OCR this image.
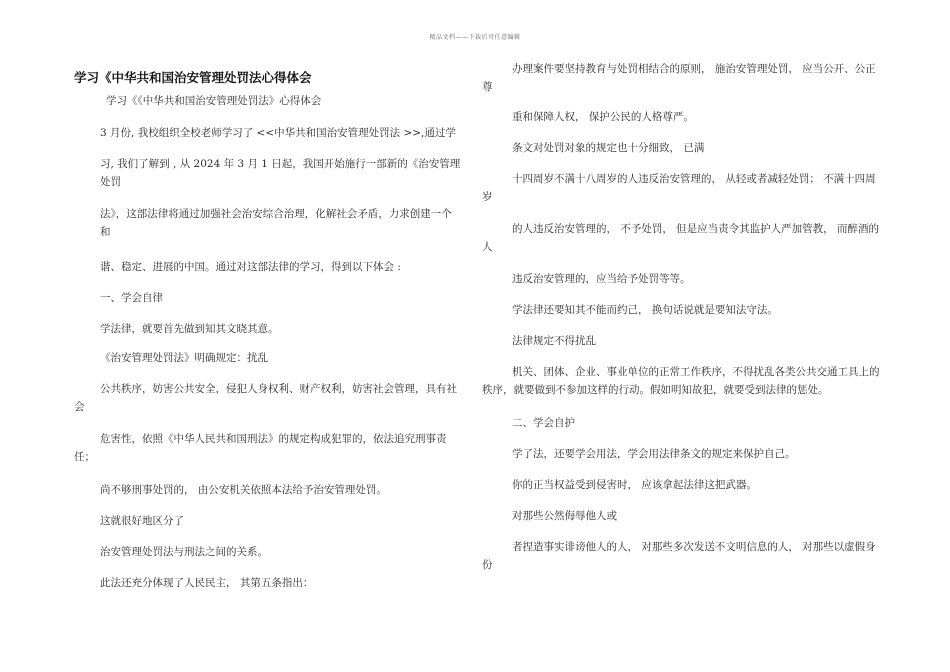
精品文档——下载后可任意编辑
学习《中华共和国治安管理处罚法心得体会
学习《《中华共和国治安管理处罚法》心得体会
3 月份, 我校组织全校老师学习了 <<中华共和国治安管理处罚法 >>,通过学
习, 我们了解到 , 从 2024 年 3 月 1 日起，我国开始施行一部新的《治安管理处罚
法》，这部法律将通过加强社会治安综合治理，化解社会矛盾，力求创建一个和
谐、稳定、进展的中国。通过对这部法律的学习，得到以下体会 :
一、学会自律
学法律，就要首先做到知其文晓其意。
《治安管理处罚法》明确规定：扰乱
公共秩序，妨害公共安全，侵犯人身权利、财产权利，妨害社会管理，具有社会
危害性，依照《中华人民共和国刑法》的规定构成犯罪的，依法追究刑事责任；
尚不够刑事处罚的， 由公安机关依照本法给予治安管理处罚。
这就很好地区分了
治安管理处罚法与刑法之间的关系。
此法还充分体现了人民民主， 其第五条指出：
办理案件要坚持教育与处罚相结合的原则， 施治安管理处罚， 应当公开、公正尊
重和保障人权， 保护公民的人格尊严。
条文对处罚对象的规定也十分细致， 已满
十四周岁不满十八周岁的人违反治安管理的， 从轻或者减轻处罚； 不满十四周岁
的人违反治安管理的， 不予处罚， 但是应当责令其监护人严加管教， 而醉酒的人
违反治安管理的，应当给予处罚等等。
学法律还要知其不能而约己， 换句话说就是要知法守法。
法律规定不得扰乱
机关、团体、企业、事业单位的正常工作秩序，不得扰乱各类公共交通工具上的秩序，就要做到不参加这样的行动。假如明知故犯，就要受到法律的惩处。
二、学会自护
学了法，还要学会用法，学会用法律条文的规定来保护自己。
你的正当权益受到侵害时， 应该拿起法律这把武器。
对那些公然侮辱他人或
者捏造事实诽谤他人的人， 对那些多次发送不文明信息的人， 对那些以虚假身份
